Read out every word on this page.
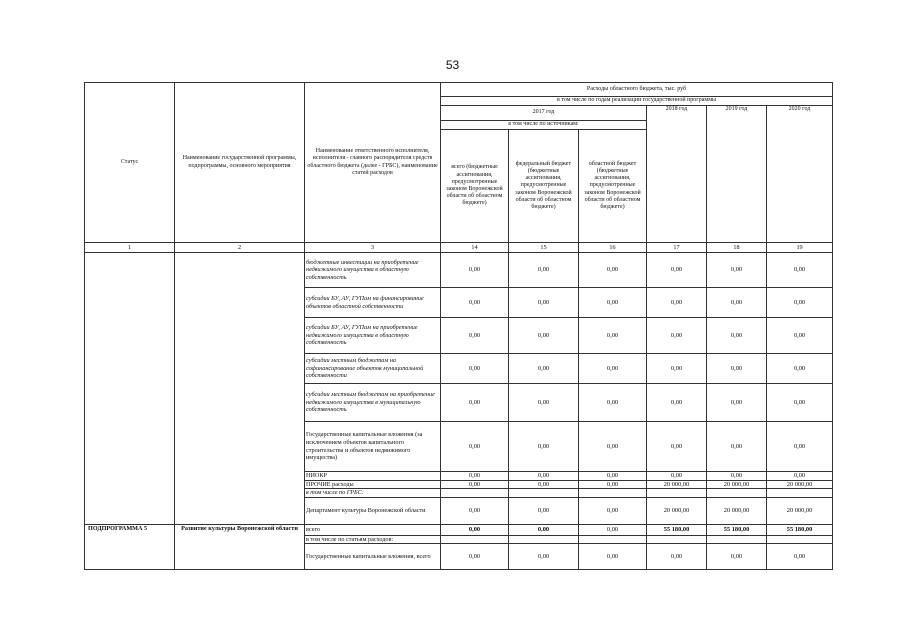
53
Статус	Наименование государственной программы, подпрограммы, основного мероприятия	Наименование ответственного исполнителя, исполнителя - главного распорядителя средств областного бюджета (далее - ГРБС), наименование статей расходов	Расходы областного бюджета, тыс. руб					
			в том числе по годам реализации государственной программы					
			2017 год			2018 год	2019 год	2020 год
			в том числе по источникам:					
			всего (бюджетные ассигнования, предусмотренные законом Воронежской области об областном бюджете)	федеральный бюджет (бюджетные ассигнования, предусмотренные законом Воронежской области об областном бюджете)	областной бюджет (бюджетные ассигнования, предусмотренные законом Воронежской области об областном бюджете)			
1	2	3	14	15	16	17	18	19
		бюджетные инвестиции на приобретение недвижимого имущества в областную собственность	0,00	0,00	0,00	0,00	0,00	0,00
		субсидии БУ, АУ, ГУПам на финансирование объектов областной собственности	0,00	0,00	0,00	0,00	0,00	0,00
		субсидии БУ, АУ, ГУПам на приобретение недвижимого имущества в областную собственность	0,00	0,00	0,00	0,00	0,00	0,00
		субсидии местным бюджетам на софинансирование объектов муниципальной собственности	0,00	0,00	0,00	0,00	0,00	0,00
		субсидии местным бюджетам на приобретение недвижимого имущества в муниципальную собственность	0,00	0,00	0,00	0,00	0,00	0,00
		Государственные капитальные вложения (за исключением объектов капитального строительства и объектов недвижимого имущества)	0,00	0,00	0,00	0,00	0,00	0,00
		НИОКР	0,00	0,00	0,00	0,00	0,00	0,00
		ПРОЧИЕ расходы	0,00	0,00	0,00	20 000,00	20 000,00	20 000,00
		в том числе по ГРБС:						
		Департамент культуры Воронежской области	0,00	0,00	0,00	20 000,00	20 000,00	20 000,00
ПОДПРОГРАММА 5	Развитие культуры Воронежской области	всего	0,00	0,00	0,00	55 180,00	55 180,00	55 180,00
		в том числе по статьям расходов:						
		Государственные капитальные вложения, всего	0,00	0,00	0,00	0,00	0,00	0,00
